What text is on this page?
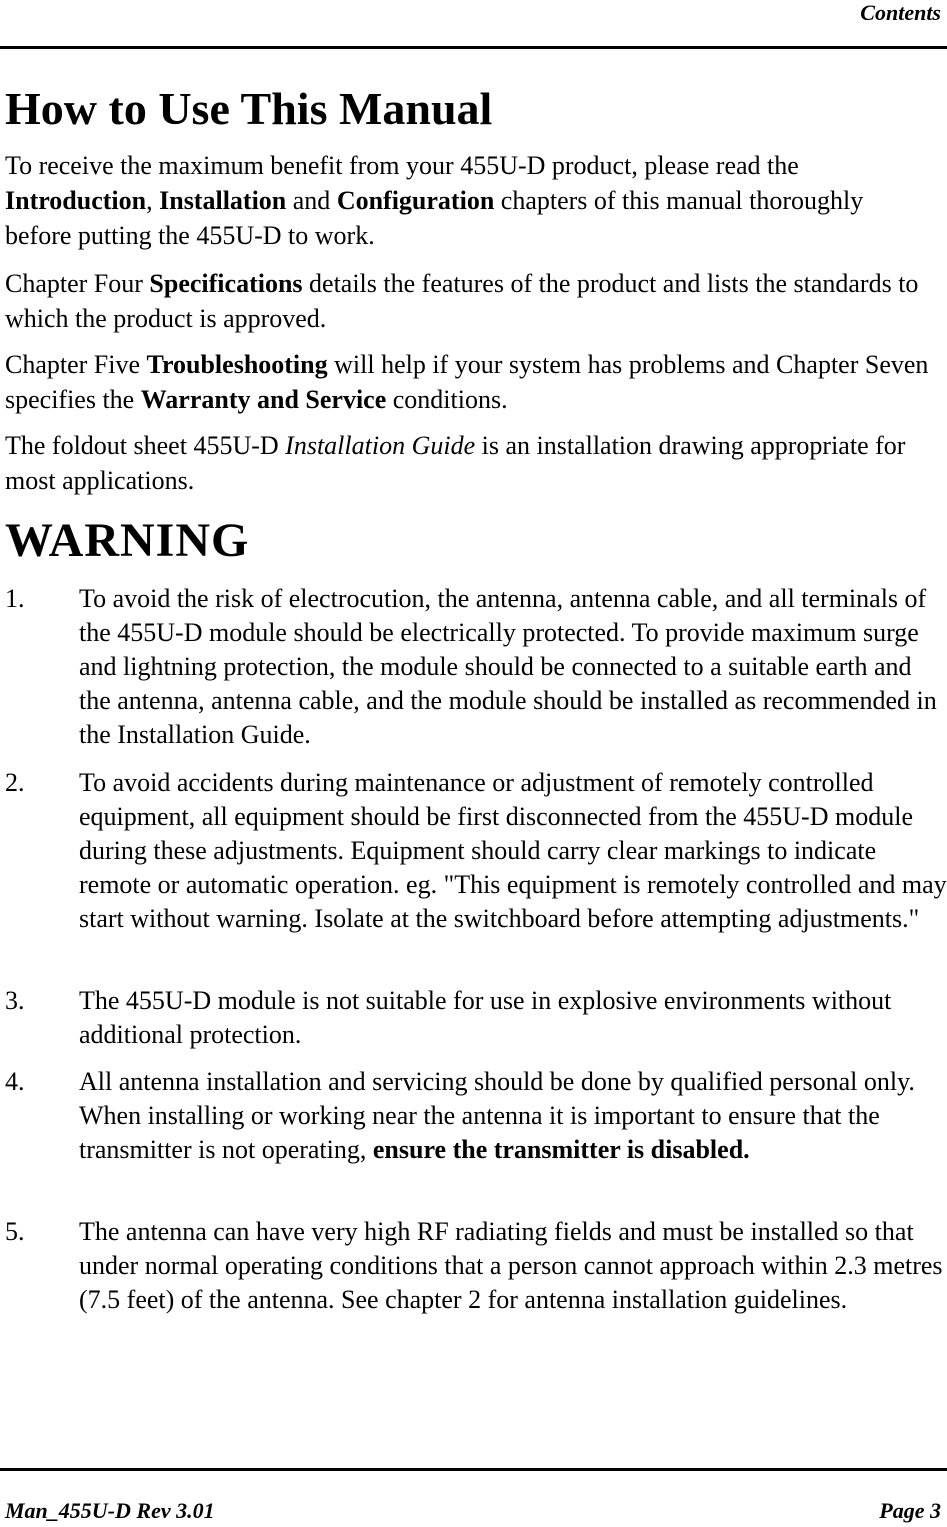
Contents
How to Use This Manual

To receive the maximum benefit from your 455U-D product, please read the Introduction, Installation and Configuration chapters of this manual thoroughly before putting the 455U-D to work.

Chapter Four Specifications details the features of the product and lists the standards to which the product is approved.

Chapter Five Troubleshooting will help if your system has problems and Chapter Seven specifies the Warranty and Service conditions.

The foldout sheet 455U-D Installation Guide is an installation drawing appropriate for most applications.

WARNING
1.	To avoid the risk of electrocution, the antenna, antenna cable, and all terminals of the 455U-D module should be electrically protected. To provide maximum surge and lightning protection, the module should be connected to a suitable earth and the antenna, antenna cable, and the module should be installed as recommended in the Installation Guide.
2.	To avoid accidents during maintenance or adjustment of remotely controlled equipment, all equipment should be first disconnected from the 455U-D module during these adjustments. Equipment should carry clear markings to indicate remote or automatic operation. eg. "This equipment is remotely controlled and may start without warning. Isolate at the switchboard before attempting adjustments."
3.	The 455U-D module is not suitable for use in explosive environments without additional protection.
4.	All antenna installation and servicing should be done by qualified personal only. When installing or working near the antenna it is important to ensure that the transmitter is not operating, ensure the transmitter is disabled.
5.	The antenna can have very high RF radiating fields and must be installed so that under normal operating conditions that a person cannot approach within 2.3 metres (7.5 feet) of the antenna. See chapter 2 for antenna installation guidelines.
Man_455U-D Rev 3.01	Page 3
